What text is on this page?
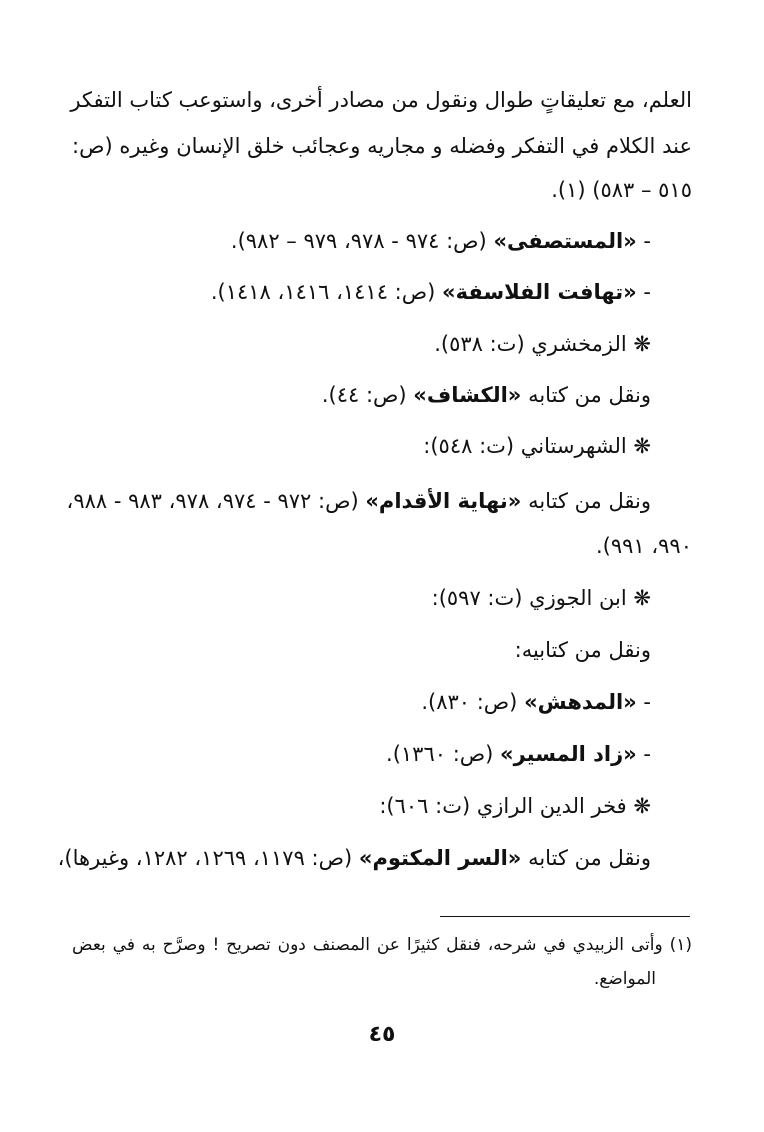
العلم، مع تعليقاتٍ طوال ونقول من مصادر أخرى، واستوعب كتاب التفكر
عند الكلام في التفكر وفضله و مجاريه وعجائب خلق الإنسان وغيره (ص:
٥١٥ – ٥٨٣) (١).
- «المستصفى» (ص: ٩٧٤ - ٩٧٨، ٩٧٩ – ٩٨٢).
- «تهافت الفلاسفة» (ص: ١٤١٤، ١٤١٦، ١٤١٨).
❋ الزمخشري (ت: ٥٣٨).
ونقل من كتابه «الكشاف» (ص: ٤٤).
❋ الشهرستاني (ت: ٥٤٨):
ونقل من كتابه «نهاية الأقدام» (ص: ٩٧٢ - ٩٧٤، ٩٧٨، ٩٨٣ - ٩٨٨،
٩٩٠، ٩٩١).
❋ ابن الجوزي (ت: ٥٩٧):
ونقل من كتابيه:
- «المدهش» (ص: ٨٣٠).
- «زاد المسير» (ص: ١٣٦٠).
❋ فخر الدين الرازي (ت: ٦٠٦):
ونقل من كتابه «السر المكتوم» (ص: ١١٧٩، ١٢٦٩، ١٢٨٢، وغيرها)،
(١) وأتى الزبيدي في شرحه، فنقل كثيرًا عن المصنف دون تصريح ! وصرَّح به في بعض
المواضع.
٤٥
